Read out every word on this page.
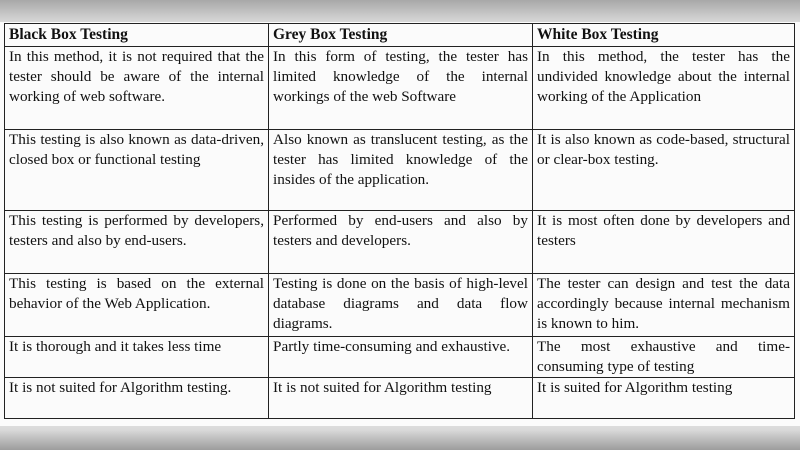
Black Box Testing	Grey Box Testing	White Box Testing
In this method, it is not required that the tester should be aware of the internal working of web software.	In this form of testing, the tester has limited knowledge of the internal workings of the web Software	In this method, the tester has the undivided knowledge about the internal working of the Application
This testing is also known as data-driven, closed box or functional testing	Also known as translucent testing, as the tester has limited knowledge of the insides of the application.	It is also known as code-based, structural or clear-box testing.
This testing is performed by developers, testers and also by end-users.	Performed by end-users and also by testers and developers.	It is most often done by developers and testers
This testing is based on the external behavior of the Web Application.	Testing is done on the basis of high-level database diagrams and data flow diagrams.	The tester can design and test the data accordingly because internal mechanism is known to him.
It is thorough and it takes less time	Partly time-consuming and exhaustive.	The most exhaustive and time-consuming type of testing
It is not suited for Algorithm testing.	It is not suited for Algorithm testing	It is suited for Algorithm testing
